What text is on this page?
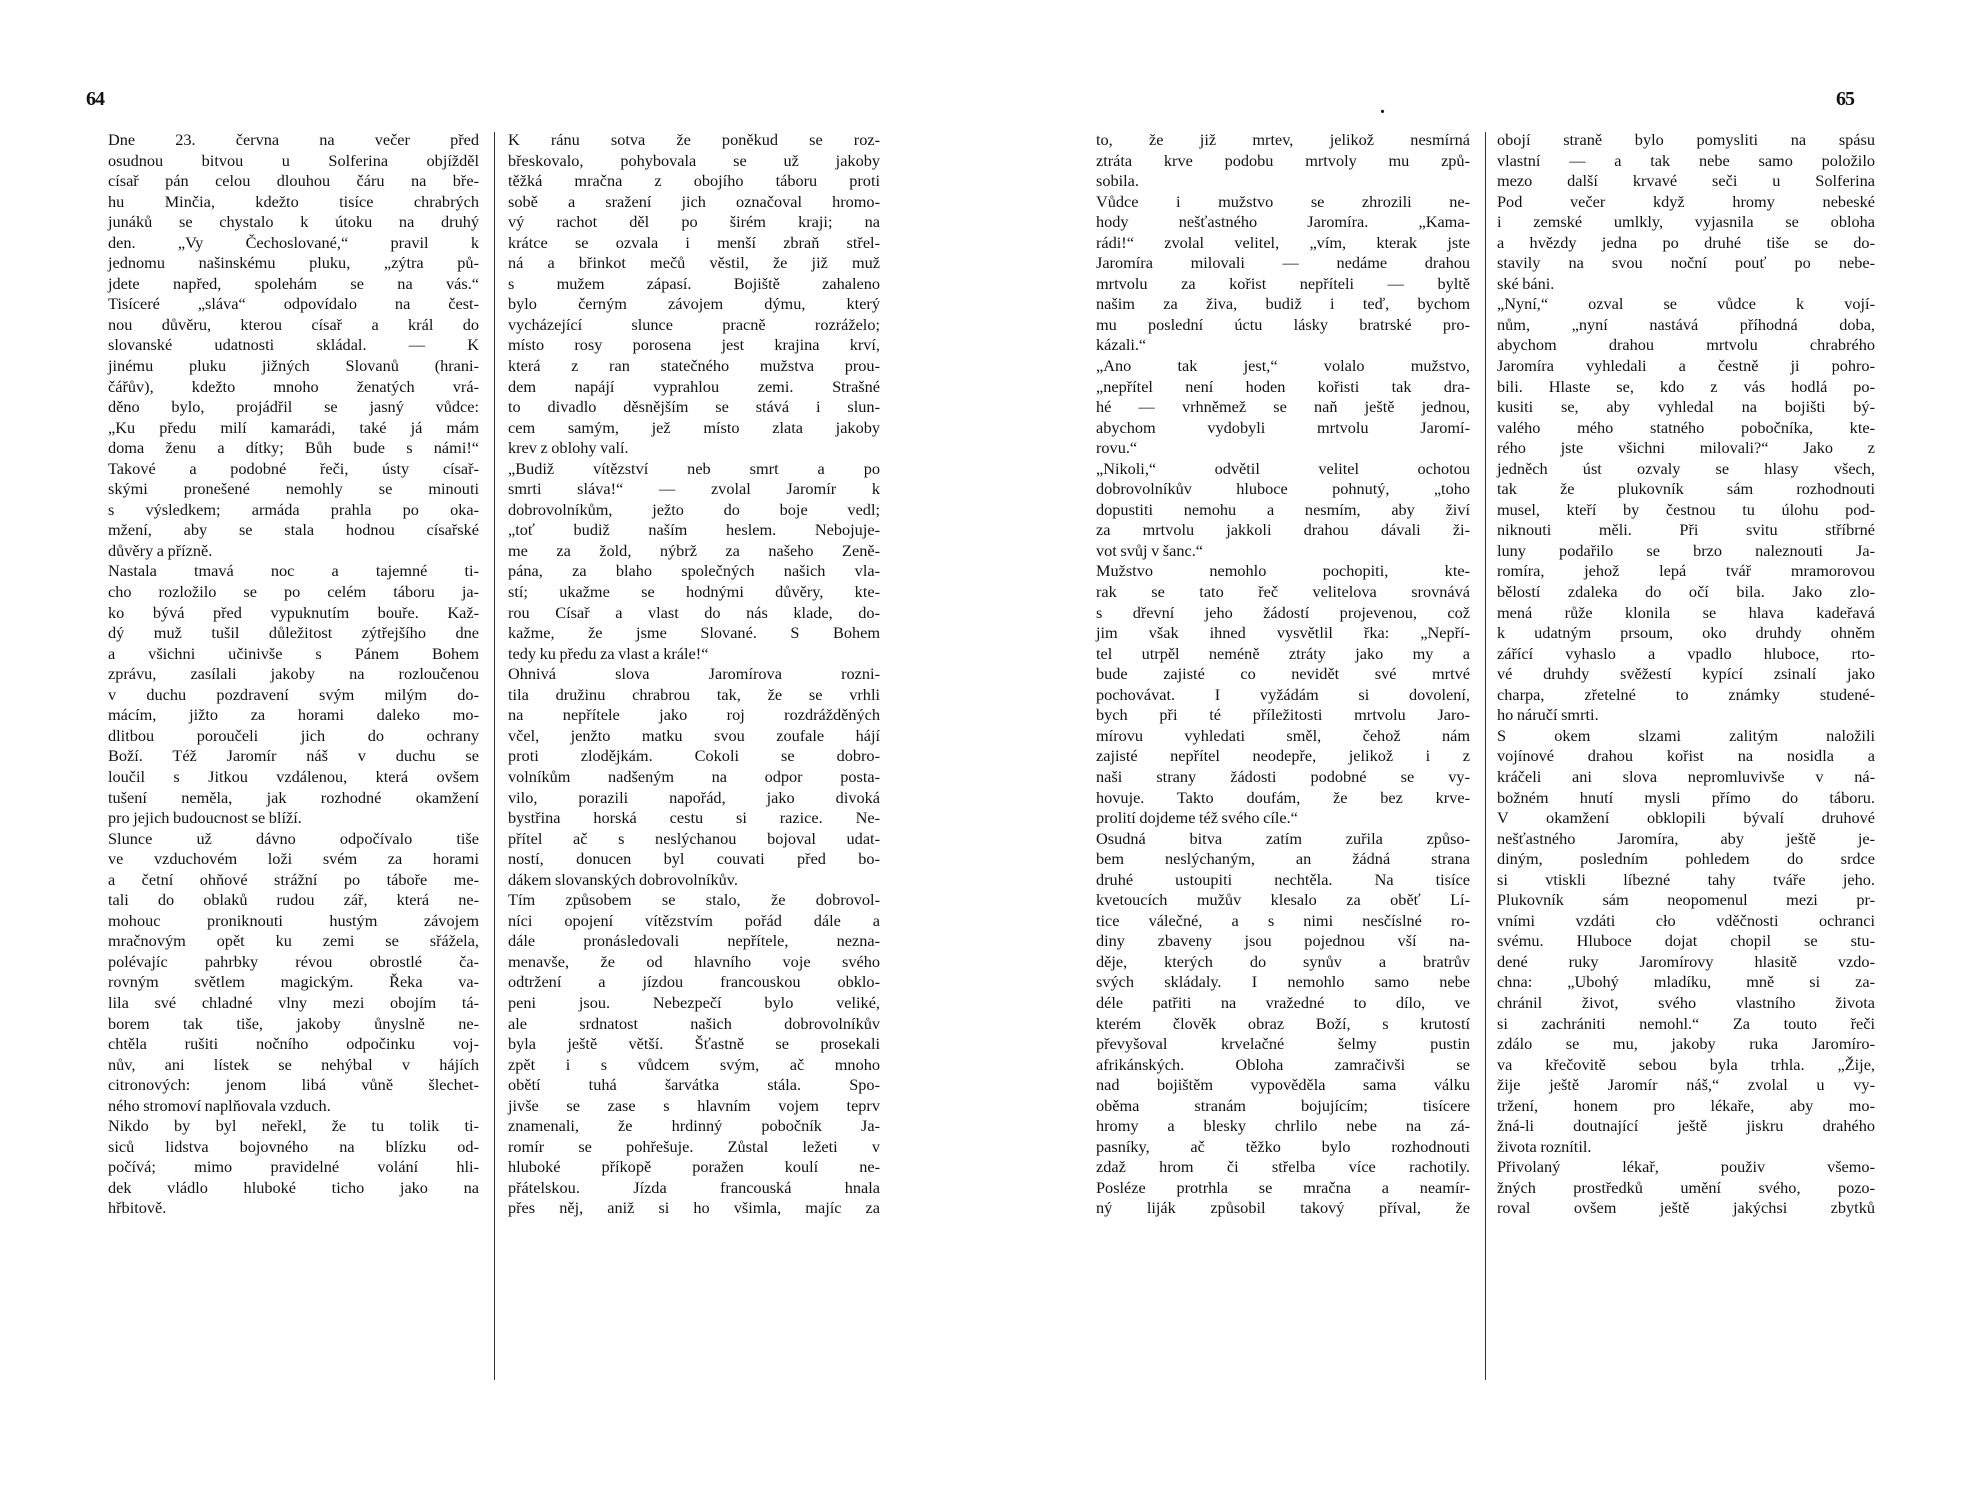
64	.	65

Dne 23. června na večer před

osudnou bitvou u Solferina objížděl

císař pán celou dlouhou čáru na bře-

hu Minčia, kdežto tisíce chrabrých

junáků se chystalo k útoku na druhý

den. „Vy Čechoslované,“ pravil k

jednomu našinskému pluku, „zýtra pů-

jdete napřed, spolehám se na vás.“

Tisíceré „sláva“ odpovídalo na čest-

nou důvěru, kterou císař a král do

slovanské udatnosti skládal. — K

jinému pluku jižných Slovanů (hrani-

čářův), kdežto mnoho ženatých vrá-

děno bylo, projádřil se jasný vůdce:

„Ku předu milí kamarádi, také já mám

doma ženu a dítky; Bůh bude s námi!“

Takové a podobné řeči, ústy císař-

skými pronešené nemohly se minouti

s výsledkem; armáda prahla po oka-

mžení, aby se stala hodnou císařské

důvěry a přízně.

Nastala tmavá noc a tajemné ti-

cho rozložilo se po celém táboru ja-

ko bývá před vypuknutím bouře. Kaž-

dý muž tušil důležitost zýtřejšího dne

a všichni učinivše s Pánem Bohem

zprávu, zasílali jakoby na rozloučenou

v duchu pozdravení svým milým do-

mácím, jižto za horami daleko mo-

dlitbou poroučeli jich do ochrany

Boží. Též Jaromír náš v duchu se

loučil s Jitkou vzdálenou, která ovšem

tušení neměla, jak rozhodné okamžení

pro jejich budoucnost se blíží.

Slunce už dávno odpočívalo tiše

ve vzduchovém loži svém za horami

a četní ohňové strážní po táboře me-

tali do oblaků rudou zář, která ne-

mohouc proniknouti hustým závojem

mračnovým opět ku zemi se sřážela,

polévajíc pahrbky révou obrostlé ča-

rovným světlem magickým. Řeka va-

lila své chladné vlny mezi obojím tá-

borem tak tiše, jakoby ůnyslně ne-

chtěla rušiti nočního odpočinku voj-

nův, ani lístek se nehýbal v hájích

citronových: jenom libá vůně šlechet-

ného stromoví naplňovala vzduch.

Nikdo by byl neřekl, že tu tolik ti-

siců lidstva bojovného na blízku od-

počívá; mimo pravidelné volání hli-

dek vládlo hluboké ticho jako na

hřbitově.

K ránu sotva že poněkud se roz-

břeskovalo, pohybovala se už jakoby

těžká mračna z obojího táboru proti

sobě a sražení jich označoval hromo-

vý rachot děl po širém kraji; na

krátce se ozvala i menší zbraň střel-

ná a břinkot mečů věstil, že již muž

s mužem zápasí. Bojiště zahaleno

bylo černým závojem dýmu, který

vycházející slunce pracně rozráželo;

místo rosy porosena jest krajina krví,

která z ran statečného mužstva prou-

dem napájí vyprahlou zemi. Strašné

to divadlo děsnějším se stává i slun-

cem samým, jež místo zlata jakoby

krev z oblohy valí.

„Budiž vítězství neb smrt a po

smrti sláva!“ — zvolal Jaromír k

dobrovolníkům, ježto do boje vedl;

„toť budiž naším heslem. Nebojuje-

me za žold, nýbrž za našeho Zeně-

pána, za blaho společných našich vla-

stí; ukažme se hodnými důvěry, kte-

rou Císař a vlast do nás klade, do-

kažme, že jsme Slované. S Bohem

tedy ku předu za vlast a krále!“

Ohnivá slova Jaromírova rozni-

tila družinu chrabrou tak, že se vrhli

na nepřítele jako roj rozdrážděných

včel, jenžto matku svou zoufale hájí

proti zlodějkám. Cokoli se dobro-

volníkům nadšeným na odpor posta-

vilo, porazili napořád, jako divoká

bystřina horská cestu si razice. Ne-

přítel ač s neslýchanou bojoval udat-

ností, donucen byl couvati před bo-

dákem slovanských dobrovolníkův.

Tím způsobem se stalo, že dobrovol-

níci opojení vítězstvím pořád dále a

dále pronásledovali nepřítele, nezna-

menavše, že od hlavního voje svého

odtržení a jízdou francouskou obklo-

peni jsou. Nebezpečí bylo veliké,

ale srdnatost našich dobrovolníkův

byla ještě větší. Šťastně se prosekali

zpět i s vůdcem svým, ač mnoho

obětí tuhá šarvátka stála. Spo-

jivše se zase s hlavním vojem teprv

znamenali, že hrdinný pobočník Ja-

romír se pohřešuje. Zůstal ležeti v

hluboké příkopě poražen koulí ne-

přátelskou. Jízda francouská hnala

přes něj, aniž si ho všimla, majíc za

to, že již mrtev, jelikož nesmírná

ztráta krve podobu mrtvoly mu způ-

sobila.

Vůdce i mužstvo se zhrozili ne-

hody nešťastného Jaromíra. „Kama-

rádi!“ zvolal velitel, „vím, kterak jste

Jaromíra milovali — nedáme drahou

mrtvolu za kořist nepříteli — byltě

našim za živa, budiž i teď, bychom

mu poslední úctu lásky bratrské pro-

kázali.“

„Ano tak jest,“ volalo mužstvo,

„nepřítel není hoden kořisti tak dra-

hé — vrhněmež se naň ještě jednou,

abychom vydobyli mrtvolu Jaromí-

rovu.“

„Nikoli,“ odvětil velitel ochotou

dobrovolníkův hluboce pohnutý, „toho

dopustiti nemohu a nesmím, aby živí

za mrtvolu jakkoli drahou dávali ži-

vot svůj v šanc.“

Mužstvo nemohlo pochopiti, kte-

rak se tato řeč velitelova srovnává

s dřevní jeho žádostí projevenou, což

jim však ihned vysvětlil řka: „Nepří-

tel utrpěl neméně ztráty jako my a

bude zajisté co nevidět své mrtvé

pochovávat. I vyžádám si dovolení,

bych při té příležitosti mrtvolu Jaro-

mírovu vyhledati směl, čehož nám

zajisté nepřítel neodepře, jelikož i z

naši strany žádosti podobné se vy-

hovuje. Takto doufám, že bez krve-

prolití dojdeme též svého cíle.“

Osudná bitva zatím zuřila způso-

bem neslýchaným, an žádná strana

druhé ustoupiti nechtěla. Na tisíce

kvetoucích mužův klesalo za oběť Lí-

tice válečné, a s nimi nesčíslné ro-

diny zbaveny jsou pojednou vší na-

děje, kterých do synův a bratrův

svých skládaly. I nemohlo samo nebe

déle patřiti na vražedné to dílo, ve

kterém člověk obraz Boží, s krutostí

převyšoval krvelačné šelmy pustin

afrikánských. Obloha zamračivši se

nad bojištěm vypověděla sama válku

oběma stranám bojujícím; tisícere

hromy a blesky chrlilo nebe na zá-

pasníky, ač těžko bylo rozhodnouti

zdaž hrom či střelba více rachotily.

Posléze protrhla se mračna a neamír-

ný liják způsobil takový příval, že

obojí straně bylo pomysliti na spásu

vlastní — a tak nebe samo položilo

mezo další krvavé seči u Solferina

Pod večer když hromy nebeské

i zemské umlkly, vyjasnila se obloha

a hvězdy jedna po druhé tiše se do-

stavily na svou noční pouť po nebe-

ské báni.

„Nyní,“ ozval se vůdce k vojí-

nům, „nyní nastává příhodná doba,

abychom drahou mrtvolu chrabrého

Jaromíra vyhledali a čestně ji pohro-

bili. Hlaste se, kdo z vás hodlá po-

kusiti se, aby vyhledal na bojišti bý-

valého mého statného pobočníka, kte-

rého jste všichni milovali?“ Jako z

jedněch úst ozvaly se hlasy všech,

tak že plukovník sám rozhodnouti

musel, kteří by čestnou tu úlohu pod-

niknouti měli. Při svitu stříbrné

luny podařilo se brzo naleznouti Ja-

romíra, jehož lepá tvář mramorovou

bělostí zdaleka do očí bila. Jako zlo-

mená růže klonila se hlava kadeřavá

k udatným prsoum, oko druhdy ohněm

zářící vyhaslo a vpadlo hluboce, rto-

vé druhdy svěžestí kypící zsinalí jako

charpa, zřetelné to známky studené-

ho náručí smrti.

S okem slzami zalitým naložili

vojínové drahou kořist na nosidla a

kráčeli ani slova nepromluvivše v ná-

božném hnutí mysli přímo do táboru.

V okamžení obklopili bývalí druhové

nešťastného Jaromíra, aby ještě je-

diným, posledním pohledem do srdce

si vtiskli líbezné tahy tváře jeho.

Plukovník sám neopomenul mezi pr-

vními vzdáti cło vděčnosti ochranci

svému. Hluboce dojat chopil se stu-

dené ruky Jaromírovy hlasitě vzdo-

chna: „Ubohý mladíku, mně si za-

chránil život, svého vlastního života

si zachrániti nemohl.“ Za touto řeči

zdálo se mu, jakoby ruka Jaromíro-

va křečovitě sebou byla trhla. „Žije,

žije ještě Jaromír náš,“ zvolal u vy-

tržení, honem pro lékaře, aby mo-

žná-li doutnající ještě jiskru drahého

života roznítil.

Přivolaný lékař, použiv všemo-

žných prostředků umění svého, pozo-

roval ovšem ještě jakýchsi zbytků
